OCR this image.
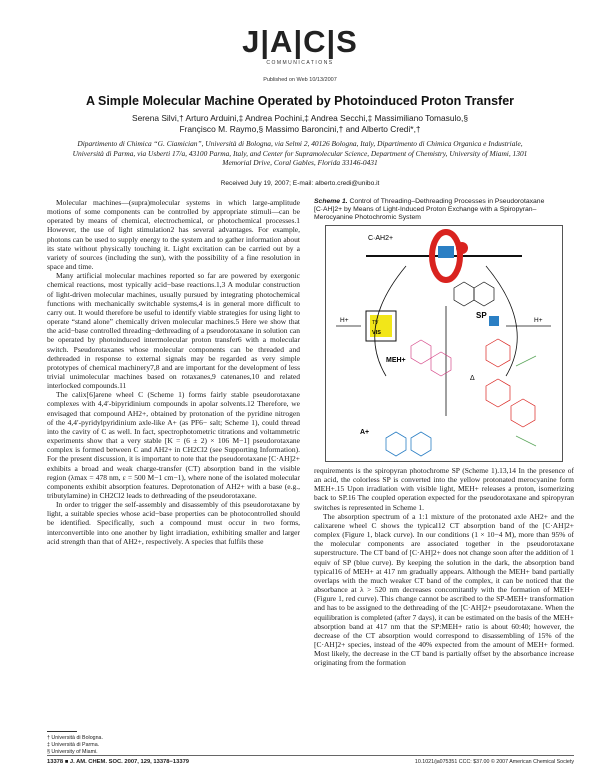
J|A|C|S
COMMUNICATIONS
Published on Web 10/13/2007
A Simple Molecular Machine Operated by Photoinduced Proton Transfer
Serena Silvi,† Arturo Arduini,‡ Andrea Pochini,‡ Andrea Secchi,‡ Massimiliano Tomasulo,§
Françisco M. Raymo,§ Massimo Baroncini,† and Alberto Credi*,†
Dipartimento di Chimica “G. Ciamician”, Università di Bologna, via Selmi 2, 40126 Bologna, Italy, Dipartimento di Chimica Organica e Industriale, Università di Parma, via Usberti 17/a, 43100 Parma, Italy, and Center for Supramolecular Science, Department of Chemistry, University of Miami, 1301 Memorial Drive, Coral Gables, Florida 33146-0431
Received July 19, 2007; E-mail: alberto.credi@unibo.it

Molecular machines—(supra)molecular systems in which large-amplitude motions of some components can be controlled by appropriate stimuli—can be operated by means of chemical, electrochemical, or photochemical processes.1 However, the use of light stimulation2 has several advantages. For example, photons can be used to supply energy to the system and to gather information about its state without physically touching it. Light excitation can be carried out by a variety of sources (including the sun), with the possibility of a fine resolution in space and time.

Many artificial molecular machines reported so far are powered by exergonic chemical reactions, most typically acid−base reactions.1,3 A modular construction of light-driven molecular machines, usually pursued by integrating photochemical functions with mechanically switchable systems,4 is in general more difficult to carry out. It would therefore be useful to identify viable strategies for using light to operate “stand alone” chemically driven molecular machines.5 Here we show that the acid−base controlled threading−dethreading of a pseudorotaxane in solution can be operated by photoinduced intermolecular proton transfer6 with a molecular switch. Pseudorotaxanes whose molecular components can be threaded and dethreaded in response to external signals may be regarded as very simple prototypes of chemical machinery7,8 and are important for the development of less trivial unimolecular machines based on rotaxanes,9 catenanes,10 and related interlocked compounds.11

The calix[6]arene wheel C (Scheme 1) forms fairly stable pseudorotaxane complexes with 4,4′-bipyridinium compounds in apolar solvents.12 Therefore, we envisaged that compound AH2+, obtained by protonation of the pyridine nitrogen of the 4,4′-pyridylpyridinium axle-like A+ (as PF6− salt; Scheme 1), could thread into the cavity of C as well. In fact, spectrophotometric titrations and voltammetric experiments show that a very stable [K = (6 ± 2) × 106 M−1] pseudorotaxane complex is formed between C and AH2+ in CH2Cl2 (see Supporting Information). For the present discussion, it is important to note that the pseudorotaxane [C·AH]2+ exhibits a broad and weak charge-transfer (CT) absorption band in the visible region (λmax = 478 nm, ε = 500 M−1 cm−1), where none of the isolated molecular components exhibit absorption features. Deprotonation of AH2+ with a base (e.g., tributylamine) in CH2Cl2 leads to dethreading of the pseudorotaxane.

In order to trigger the self-assembly and disassembly of this pseudorotaxane by light, a suitable species whose acid−base properties can be photocontrolled should be identified. Specifically, such a compound must occur in two forms, interconvertible into one another by light irradiation, exhibiting smaller and larger acid strength than that of AH2+, respectively. A species that fulfils these

Scheme 1. Control of Threading–Dethreading Processes in Pseudorotaxane [C·AH]2+ by Means of Light-Induced Proton Exchange with a Spiropyran–Merocyanine Photochromic System
C·AH2+
SP
MEH+
A+
H+	H+
TV
VIS
Δ

requirements is the spiropyran photochrome SP (Scheme 1).13,14 In the presence of an acid, the colorless SP is converted into the yellow protonated merocyanine form MEH+.15 Upon irradiation with visible light, MEH+ releases a proton, isomerizing back to SP.16 The coupled operation expected for the pseudorotaxane and spiropyran switches is represented in Scheme 1.

The absorption spectrum of a 1:1 mixture of the protonated axle AH2+ and the calixarene wheel C shows the typical12 CT absorption band of the [C·AH]2+ complex (Figure 1, black curve). In our conditions (1 × 10−4 M), more than 95% of the molecular components are associated together in the pseudorotaxane superstructure. The CT band of [C·AH]2+ does not change soon after the addition of 1 equiv of SP (blue curve). By keeping the solution in the dark, the absorption band typical16 of MEH+ at 417 nm gradually appears. Although the MEH+ band partially overlaps with the much weaker CT band of the complex, it can be noticed that the absorbance at λ > 520 nm decreases concomitantly with the formation of MEH+ (Figure 1, red curve). This change cannot be ascribed to the SP-MEH+ transformation and has to be assigned to the dethreading of the [C·AH]2+ pseudorotaxane. When the equilibration is completed (after 7 days), it can be estimated on the basis of the MEH+ absorption band at 417 nm that the SP:MEH+ ratio is about 60:40; however, the decrease of the CT absorption would correspond to disassembling of 15% of the [C·AH]2+ species, instead of the 40% expected from the amount of MEH+ formed. Most likely, the decrease in the CT band is partially offset by the absorbance increase originating from the formation

† Università di Bologna.
‡ Università di Parma.
§ University of Miami.
13378 ■ J. AM. CHEM. SOC. 2007, 129, 13378−13379	10.1021/ja075351 CCC: $37.00 © 2007 American Chemical Society
